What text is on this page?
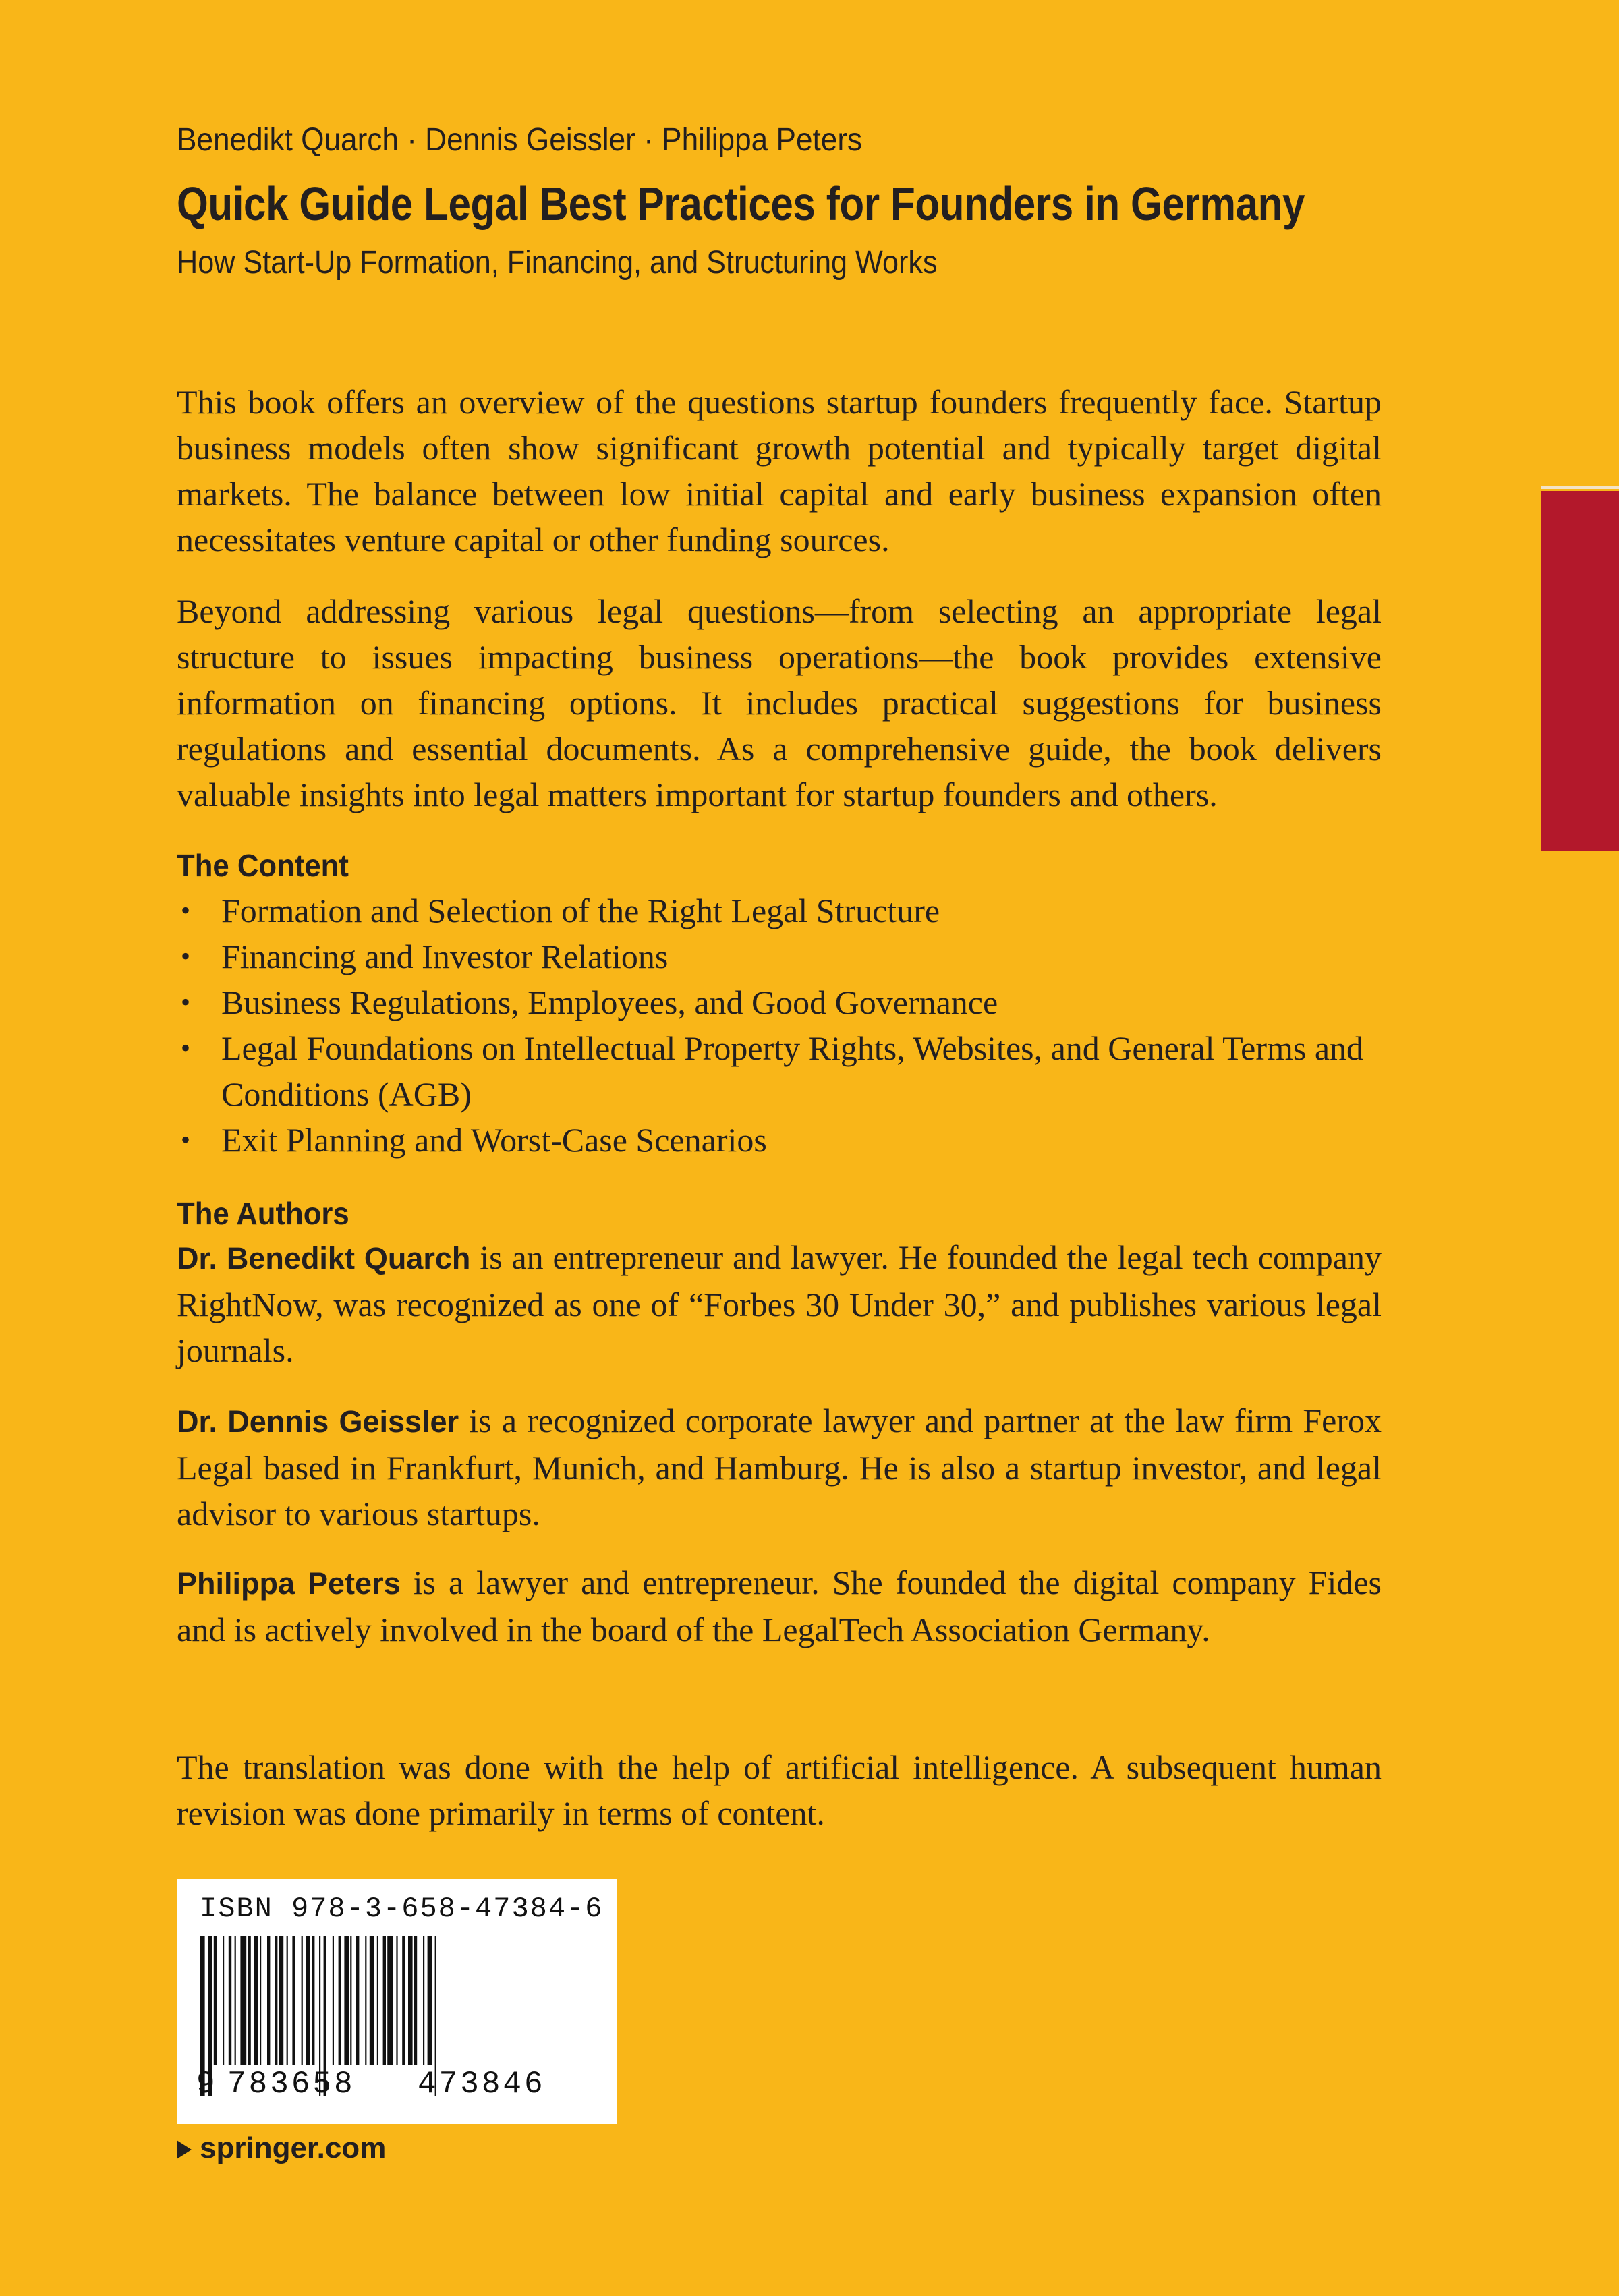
Benedikt Quarch · Dennis Geissler · Philippa Peters
Quick Guide Legal Best Practices for Founders in Germany
How Start-Up Formation, Financing, and Structuring Works

This book offers an overview of the questions startup founders frequently face. Startup business models often show significant growth potential and typically target digital markets. The balance between low initial capital and early business expansion often necessitates venture capital or other funding sources.

Beyond addressing various legal questions—from selecting an appropriate legal structure to issues impacting business operations—the book provides extensive information on financing options. It includes practical suggestions for business regulations and essential documents. As a comprehensive guide, the book delivers valuable insights into legal matters important for startup founders and others.

The Content
• Formation and Selection of the Right Legal Structure
• Financing and Investor Relations
• Business Regulations, Employees, and Good Governance
• Legal Foundations on Intellectual Property Rights, Websites, and General Terms and Conditions (AGB)
• Exit Planning and Worst-Case Scenarios
The Authors

Dr. Benedikt Quarch is an entrepreneur and lawyer. He founded the legal tech company RightNow, was recognized as one of “Forbes 30 Under 30,” and publishes various legal journals.

Dr. Dennis Geissler is a recognized corporate lawyer and partner at the law firm Ferox Legal based in Frankfurt, Munich, and Hamburg. He is also a startup investor, and legal advisor to various startups.

Philippa Peters is a lawyer and entrepreneur. She founded the digital company Fides and is actively involved in the board of the LegalTech Association Germany.

The translation was done with the help of artificial intelligence. A subsequent human revision was done primarily in terms of content.

ISBN 978-3-658-47384-6
9 783658 473846
springer.com
